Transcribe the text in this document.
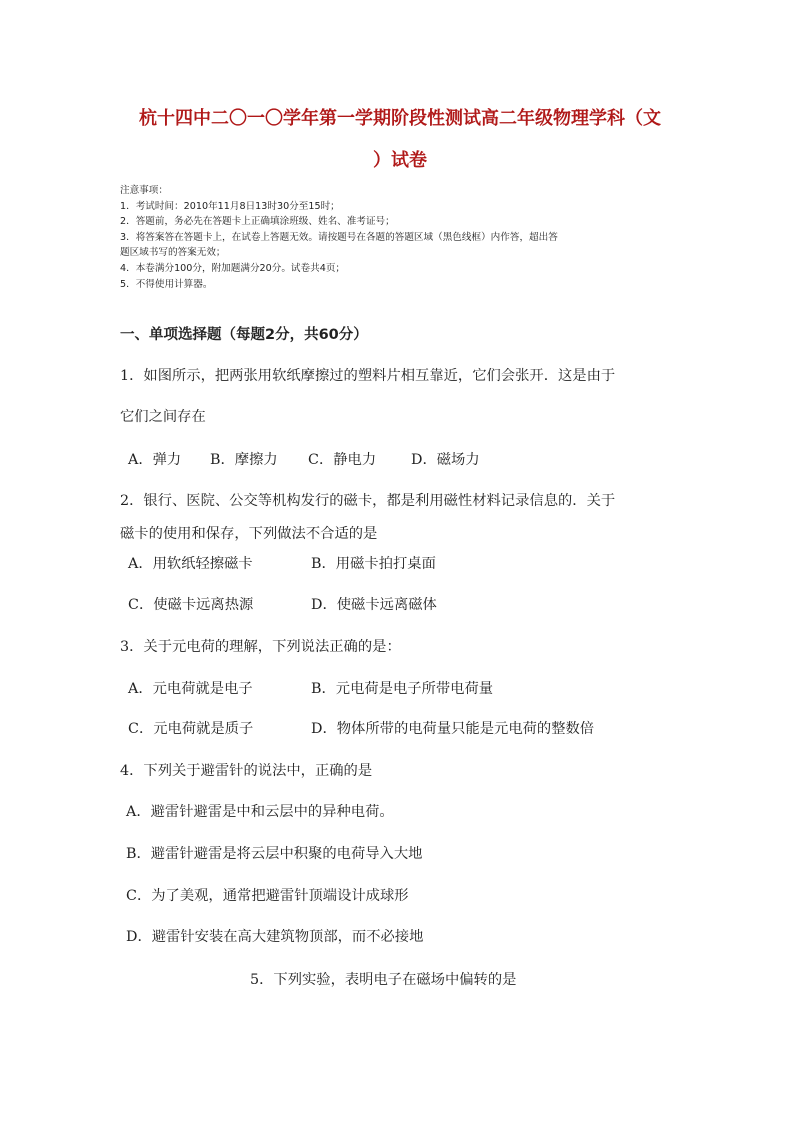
杭十四中二〇一〇学年第一学期阶段性测试高二年级物理学科（文
）试卷
注意事项：
1．考试时间：2010年11月8日13时30分至15时；
2．答题前，务必先在答题卡上正确填涂班级、姓名、准考证号；
3．将答案答在答题卡上，在试卷上答题无效。请按题号在各题的答题区域（黑色线框）内作答，超出答
题区域书写的答案无效；
4．本卷满分100分，附加题满分20分。试卷共4页；
5．不得使用计算器。
一、单项选择题（每题2分，共60分）
1．如图所示，把两张用软纸摩擦过的塑料片相互靠近，它们会张开．这是由于
它们之间存在
A．弹力 B．摩擦力 C．静电力 D．磁场力
2．银行、医院、公交等机构发行的磁卡，都是利用磁性材料记录信息的．关于
磁卡的使用和保存，下列做法不合适的是
A．用软纸轻擦磁卡	B．用磁卡拍打桌面
C．使磁卡远离热源	D．使磁卡远离磁体
3．关于元电荷的理解，下列说法正确的是：
A．元电荷就是电子	B．元电荷是电子所带电荷量
C．元电荷就是质子	D．物体所带的电荷量只能是元电荷的整数倍
4．下列关于避雷针的说法中，正确的是
A．避雷针避雷是中和云层中的异种电荷。
B．避雷针避雷是将云层中积聚的电荷导入大地
C．为了美观，通常把避雷针顶端设计成球形
D．避雷针安装在高大建筑物顶部，而不必接地
5．下列实验，表明电子在磁场中偏转的是
